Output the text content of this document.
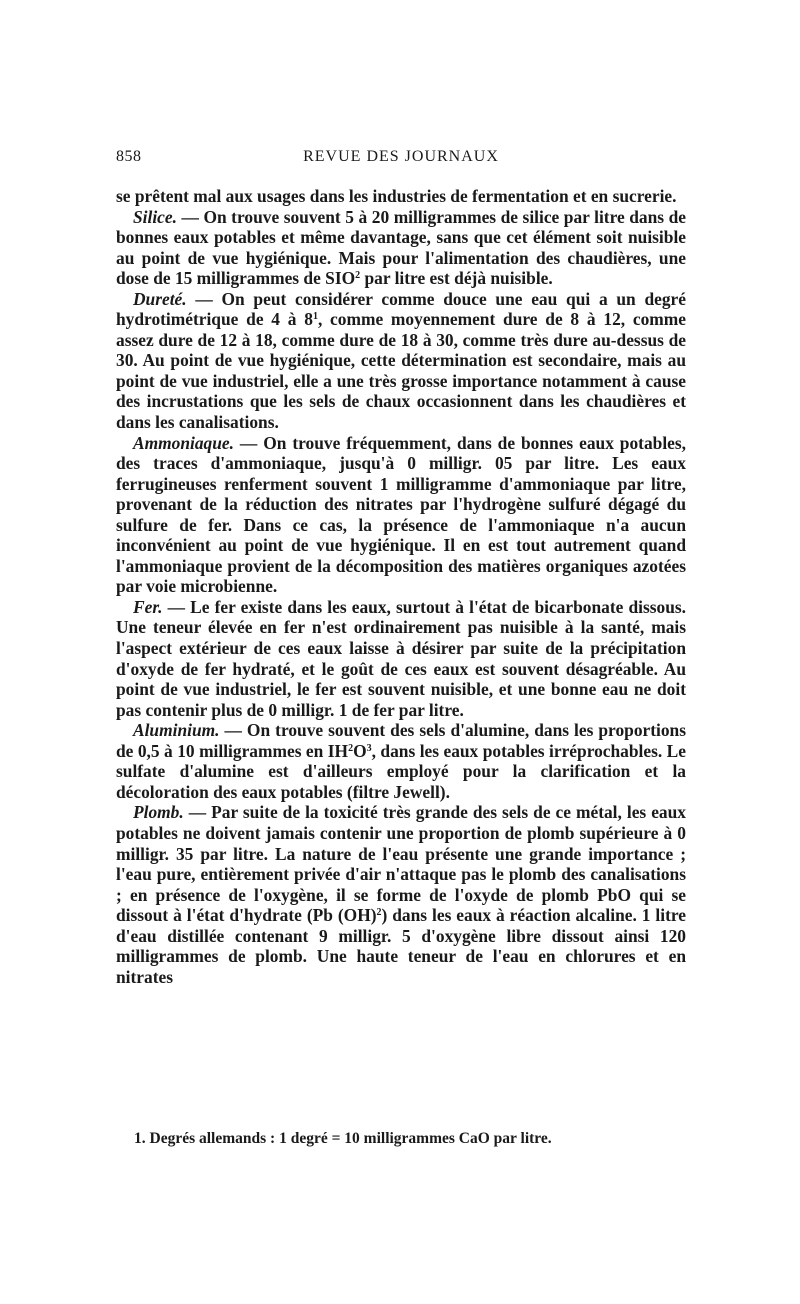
858	REVUE DES JOURNAUX

se prêtent mal aux usages dans les industries de fermentation et en sucrerie.

Silice. — On trouve souvent 5 à 20 milligrammes de silice par litre dans de bonnes eaux potables et même davantage, sans que cet élément soit nuisible au point de vue hygiénique. Mais pour l'alimentation des chaudières, une dose de 15 milligrammes de SIO$^2$ par litre est déjà nuisible.

Dureté. — On peut considérer comme douce une eau qui a un degré hydrotimétrique de 4 à $8^1$, comme moyennement dure de 8 à 12, comme assez dure de 12 à 18, comme dure de 18 à 30, comme très dure au-dessus de 30. Au point de vue hygiénique, cette détermination est secondaire, mais au point de vue industriel, elle a une très grosse importance notamment à cause des incrustations que les sels de chaux occasionnent dans les chaudières et dans les canalisations.

Ammoniaque. — On trouve fréquemment, dans de bonnes eaux potables, des traces d'ammoniaque, jusqu'à 0 milligr. 05 par litre. Les eaux ferrugineuses renferment souvent 1 milligramme d'ammoniaque par litre, provenant de la réduction des nitrates par l'hydrogène sulfuré dégagé du sulfure de fer. Dans ce cas, la présence de l'ammoniaque n'a aucun inconvénient au point de vue hygiénique. Il en est tout autrement quand l'ammoniaque provient de la décomposition des matières organiques azotées par voie microbienne.

Fer. — Le fer existe dans les eaux, surtout à l'état de bicarbonate dissous. Une teneur élevée en fer n'est ordinairement pas nuisible à la santé, mais l'aspect extérieur de ces eaux laisse à désirer par suite de la précipitation d'oxyde de fer hydraté, et le goût de ces eaux est souvent désagréable. Au point de vue industriel, le fer est souvent nuisible, et une bonne eau ne doit pas contenir plus de 0 milligr. 1 de fer par litre.

Aluminium. — On trouve souvent des sels d'alumine, dans les proportions de 0,5 à 10 milligrammes en $IH^2O^3$, dans les eaux potables irréprochables. Le sulfate d'alumine est d'ailleurs employé pour la clarification et la décoloration des eaux potables (filtre Jewell).

Plomb. — Par suite de la toxicité très grande des sels de ce métal, les eaux potables ne doivent jamais contenir une proportion de plomb supérieure à 0 milligr. 35 par litre. La nature de l'eau présente une grande importance ; l'eau pure, entièrement privée d'air n'attaque pas le plomb des canalisations ; en présence de l'oxygène, il se forme de l'oxyde de plomb PbO qui se dissout à l'état d'hydrate (Pb (OH)$^2$) dans les eaux à réaction alcaline. 1 litre d'eau distillée contenant 9 milligr. 5 d'oxygène libre dissout ainsi 120 milligrammes de plomb. Une haute teneur de l'eau en chlorures et en nitrates

1. Degrés allemands : 1 degré = 10 milligrammes CaO par litre.
